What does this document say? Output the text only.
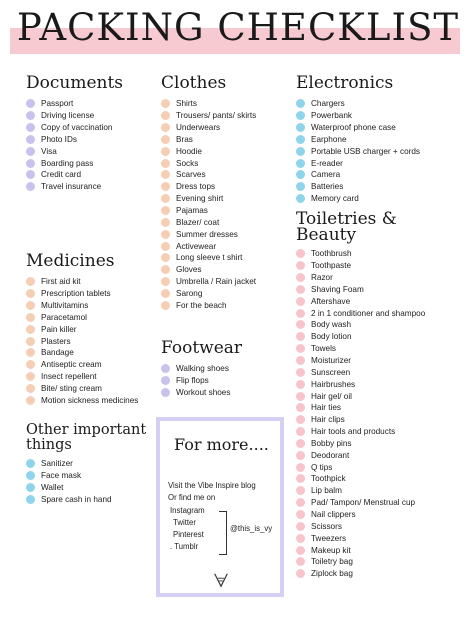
PACKING CHECKLIST
Documents
Passport
Driving license
Copy of vaccination
Photo IDs
Visa
Boarding pass
Credit card
Travel insurance
Clothes
Shirts
Trousers/ pants/ skirts
Underwears
Bras
Hoodie
Socks
Scarves
Dress tops
Evening shirt
Pajamas
Blazer/ coat
Summer dresses
Activewear
Long sleeve t shirt
Gloves
Umbrella / Rain jacket
Sarong
For the beach
Electronics
Chargers
Powerbank
Waterproof phone case
Earphone
Portable USB charger + cords
E-reader
Camera
Batteries
Memory card
Toiletries &
Beauty
Toothbrush
Toothpaste
Razor
Shaving Foam
Aftershave
2 in 1 conditioner and shampoo
Body wash
Body lotion
Towels
Moisturizer
Sunscreen
Hairbrushes
Hair gel/ oil
Hair ties
Hair clips
Hair tools and products
Bobby pins
Deodorant
Q tips
Toothpick
Lip balm
Pad/ Tampon/ Menstrual cup
Nail clippers
Scissors
Tweezers
Makeup kit
Toiletry bag
Ziplock bag
Medicines
First aid kit
Prescription tablets
Multivitamins
Paracetamol
Pain killer
Plasters
Bandage
Antiseptic cream
Insect repellent
Bite/ sting cream
Motion sickness medicines
Footwear
Walking shoes
Flip flops
Workout shoes
Other important
things
Sanitizer
Face mask
Wallet
Spare cash in hand
For more....
Visit the Vibe Inspire blog
Or find me on
Instagram
Twitter
Pinterest
. Tumblr
@this_is_vy
